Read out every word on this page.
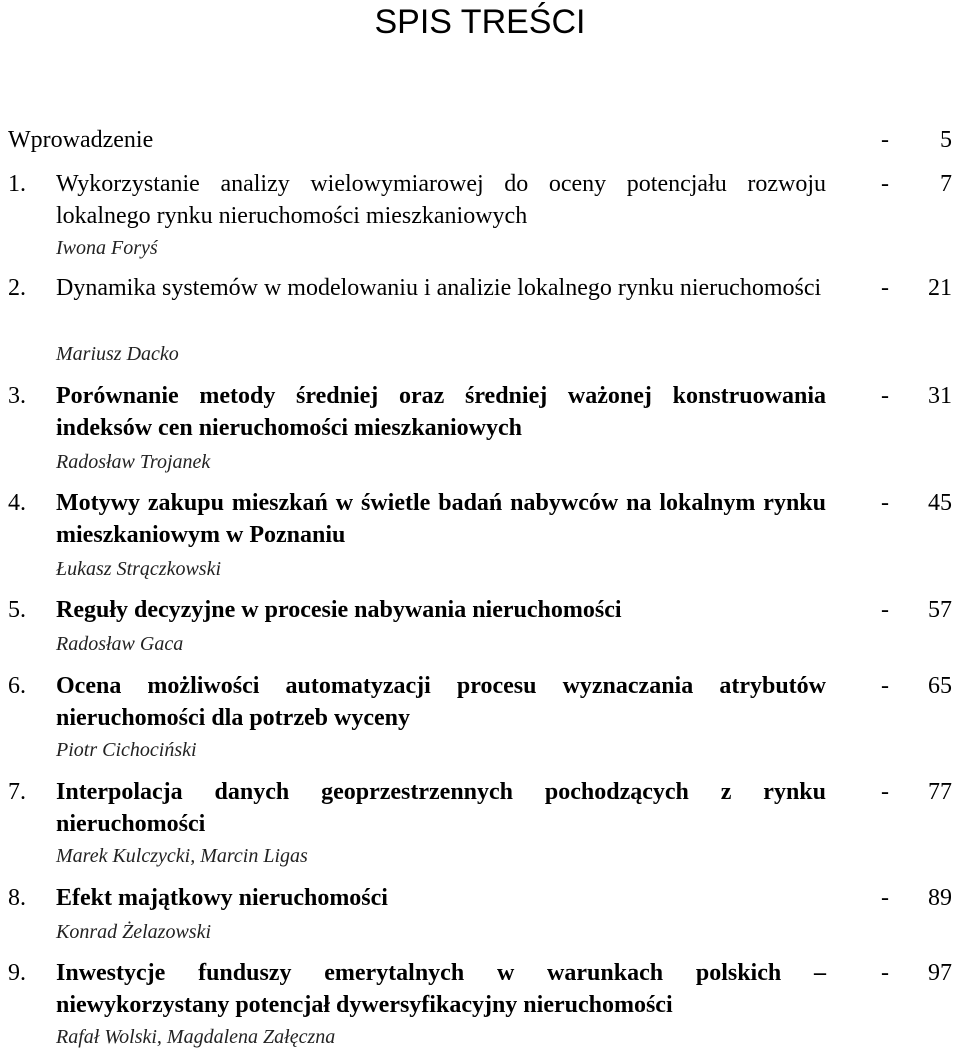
SPIS TREŚCI
Wprowadzenie	-	5
1. Wykorzystanie analizy wielowymiarowej do oceny potencjału rozwoju lokalnego rynku nieruchomości mieszkaniowych
Iwona Foryś
-	7
2. Dynamika systemów w modelowaniu i analizie lokalnego rynku nieruchomości
Mariusz Dacko
-	21
3. Porównanie metody średniej oraz średniej ważonej konstruowania indeksów cen nieruchomości mieszkaniowych
Radosław Trojanek
-	31
4. Motywy zakupu mieszkań w świetle badań nabywców na lokalnym rynku mieszkaniowym w Poznaniu
Łukasz Strączkowski
-	45
5. Reguły decyzyjne w procesie nabywania nieruchomości
Radosław Gaca
-	57
6. Ocena możliwości automatyzacji procesu wyznaczania atrybutów nieruchomości dla potrzeb wyceny
Piotr Cichociński
-	65
7. Interpolacja danych geoprzestrzennych pochodzących z rynku nieruchomości
Marek Kulczycki, Marcin Ligas
-	77
8. Efekt majątkowy nieruchomości
Konrad Żelazowski
-	89
9. Inwestycje funduszy emerytalnych w warunkach polskich – niewykorzystany potencjał dywersyfikacyjny nieruchomości
Rafał Wolski, Magdalena Załęczna
-	97
